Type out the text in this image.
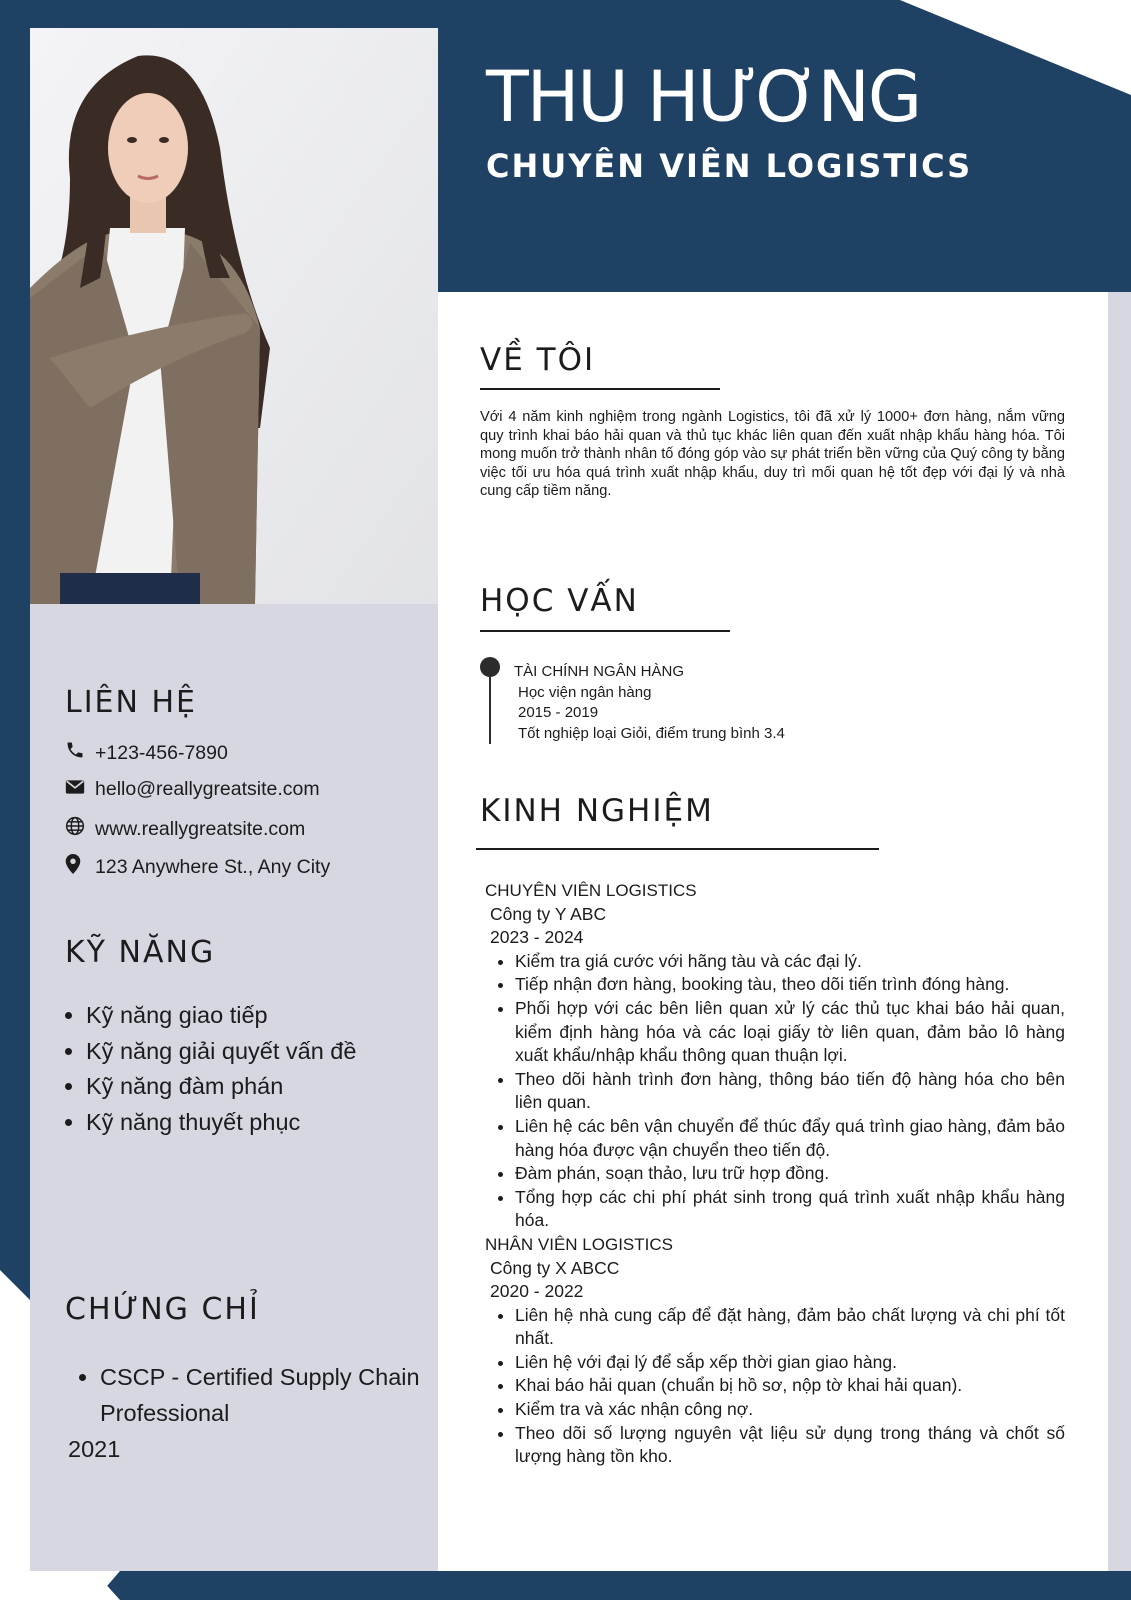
THU HƯƠNG
CHUYÊN VIÊN LOGISTICS
VỀ TÔI
Với 4 năm kinh nghiệm trong ngành Logistics, tôi đã xử lý 1000+ đơn hàng, nắm vững quy trình khai báo hải quan và thủ tục khác liên quan đến xuất nhập khẩu hàng hóa. Tôi mong muốn trở thành nhân tố đóng góp vào sự phát triển bền vững của Quý công ty bằng việc tối ưu hóa quá trình xuất nhập khẩu, duy trì mối quan hệ tốt đẹp với đại lý và nhà cung cấp tiềm năng.
HỌC VẤN
TÀI CHÍNH NGÂN HÀNG
Học viện ngân hàng
2015 - 2019
Tốt nghiệp loại Giỏi, điểm trung bình 3.4
KINH NGHIỆM
CHUYÊN VIÊN LOGISTICS
Công ty Y ABC
2023 - 2024
• Kiểm tra giá cước với hãng tàu và các đại lý.
• Tiếp nhận đơn hàng, booking tàu, theo dõi tiến trình đóng hàng.
• Phối hợp với các bên liên quan xử lý các thủ tục khai báo hải quan, kiểm định hàng hóa và các loại giấy tờ liên quan, đảm bảo lô hàng xuất khẩu/nhập khẩu thông quan thuận lợi.
• Theo dõi hành trình đơn hàng, thông báo tiến độ hàng hóa cho bên liên quan.
• Liên hệ các bên vận chuyển để thúc đẩy quá trình giao hàng, đảm bảo hàng hóa được vận chuyển theo tiến độ.
• Đàm phán, soạn thảo, lưu trữ hợp đồng.
• Tổng hợp các chi phí phát sinh trong quá trình xuất nhập khẩu hàng hóa.
NHÂN VIÊN LOGISTICS
Công ty X ABCC
2020 - 2022
• Liên hệ nhà cung cấp để đặt hàng, đảm bảo chất lượng và chi phí tốt nhất.
• Liên hệ với đại lý để sắp xếp thời gian giao hàng.
• Khai báo hải quan (chuẩn bị hồ sơ, nộp tờ khai hải quan).
• Kiểm tra và xác nhận công nợ.
• Theo dõi số lượng nguyên vật liệu sử dụng trong tháng và chốt số lượng hàng tồn kho.
LIÊN HỆ
+123-456-7890
hello@reallygreatsite.com
www.reallygreatsite.com
123 Anywhere St., Any City
KỸ NĂNG
• Kỹ năng giao tiếp
• Kỹ năng giải quyết vấn đề
• Kỹ năng đàm phán
• Kỹ năng thuyết phục
CHỨNG CHỈ
• CSCP - Certified Supply Chain Professional
2021
